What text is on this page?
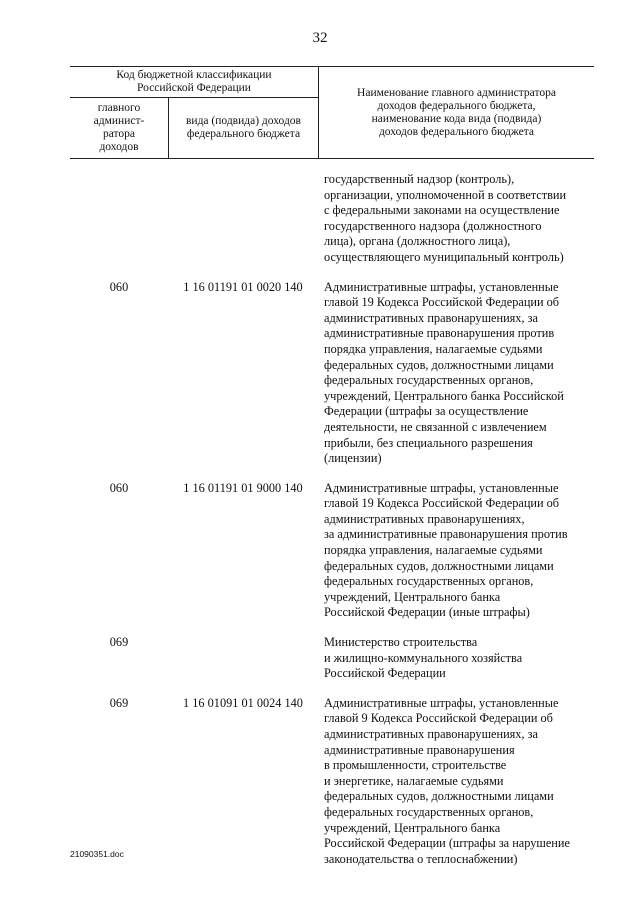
32
Код бюджетной классификации
Российской Федерации
главного
админист-
ратора
доходов
вида (подвида) доходов
федерального бюджета
Наименование главного администратора
доходов федерального бюджета,
наименование кода вида (подвида)
доходов федерального бюджета
государственный надзор (контроль),
организации, уполномоченной в соответствии
с федеральными законами на осуществление
государственного надзора (должностного
лица), органа (должностного лица),
осуществляющего муниципальный контроль)
060	1 16 01191 01 0020 140	Административные штрафы, установленные
главой 19 Кодекса Российской Федерации об
административных правонарушениях, за
административные правонарушения против
порядка управления, налагаемые судьями
федеральных судов, должностными лицами
федеральных государственных органов,
учреждений, Центрального банка Российской
Федерации (штрафы за осуществление
деятельности, не связанной с извлечением
прибыли, без специального разрешения
(лицензии)
060	1 16 01191 01 9000 140	Административные штрафы, установленные
главой 19 Кодекса Российской Федерации об
административных правонарушениях,
за административные правонарушения против
порядка управления, налагаемые судьями
федеральных судов, должностными лицами
федеральных государственных органов,
учреждений, Центрального банка
Российской Федерации (иные штрафы)
069	Министерство строительства
и жилищно-коммунального хозяйства
Российской Федерации
069	1 16 01091 01 0024 140	Административные штрафы, установленные
главой 9 Кодекса Российской Федерации об
административных правонарушениях, за
административные правонарушения
в промышленности, строительстве
и энергетике, налагаемые судьями
федеральных судов, должностными лицами
федеральных государственных органов,
учреждений, Центрального банка
Российской Федерации (штрафы за нарушение
законодательства о теплоснабжении)
21090351.doc
